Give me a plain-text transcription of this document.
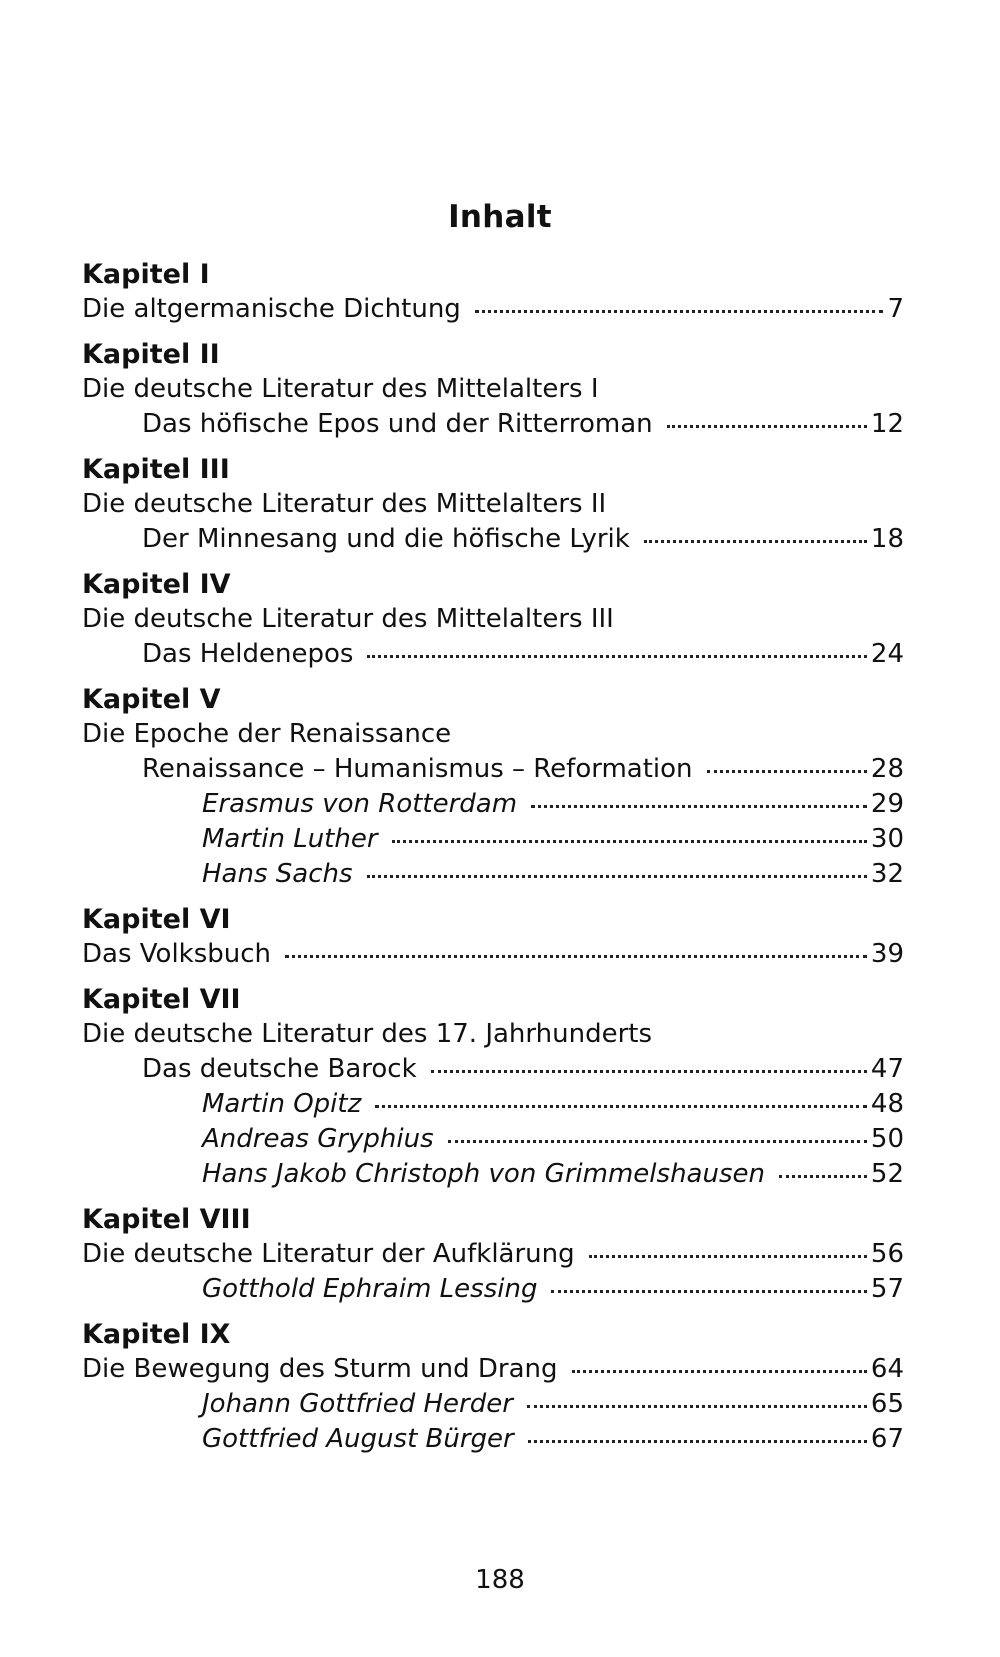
Inhalt
Kapitel I
Die altgermanische Dichtung	7
Kapitel II
Die deutsche Literatur des Mittelalters I
Das höfische Epos und der Ritterroman	12
Kapitel III
Die deutsche Literatur des Mittelalters II
Der Minnesang und die höfische Lyrik	18
Kapitel IV
Die deutsche Literatur des Mittelalters III
Das Heldenepos	24
Kapitel V
Die Epoche der Renaissance
Renaissance – Humanismus – Reformation	28
Erasmus von Rotterdam	29
Martin Luther	30
Hans Sachs	32
Kapitel VI
Das Volksbuch	39
Kapitel VII
Die deutsche Literatur des 17. Jahrhunderts
Das deutsche Barock	47
Martin Opitz	48
Andreas Gryphius	50
Hans Jakob Christoph von Grimmelshausen	52
Kapitel VIII
Die deutsche Literatur der Aufklärung	56
Gotthold Ephraim Lessing	57
Kapitel IX
Die Bewegung des Sturm und Drang	64
Johann Gottfried Herder	65
Gottfried August Bürger	67
188
